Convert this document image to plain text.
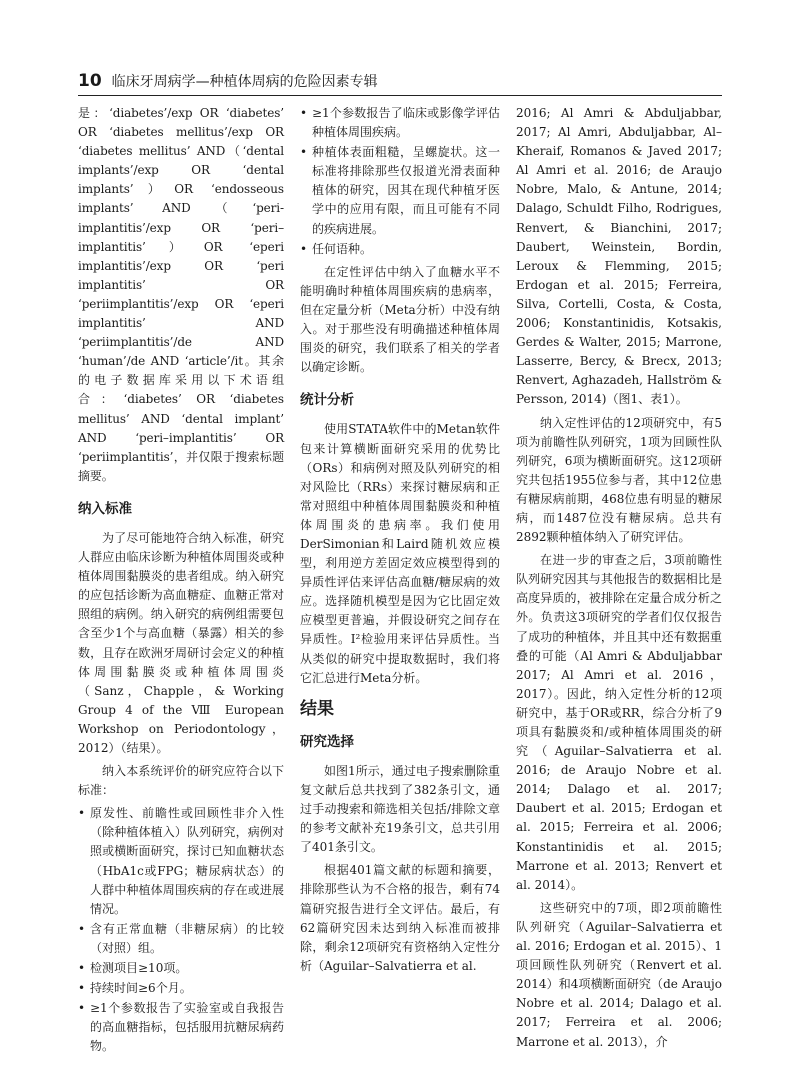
10 临床牙周病学—种植体周病的危险因素专辑

是：‘diabetes’/exp OR ‘diabetes’ OR ‘diabetes mellitus’/exp OR ‘diabetes mellitus’ AND（‘dental implants’/exp OR ‘dental implants’）OR ‘endosseous implants’ AND（‘peri-implantitis’/exp OR ‘peri–implantitis’）OR ‘eperi implantitis’/exp OR ‘peri implantitis’ OR ‘periimplantitis’/exp OR ‘eperi implantitis’ AND ‘periimplantitis’/de AND ‘human’/de AND ‘article’/it。其余的电子数据库采用以下术语组合：‘diabetes’ OR ‘diabetes mellitus’ AND ‘dental implant’ AND ‘peri–implantitis’ OR ‘periimplantitis’，并仅限于搜索标题摘要。

纳入标准

为了尽可能地符合纳入标准，研究人群应由临床诊断为种植体周围炎或种植体周围黏膜炎的患者组成。纳入研究的应包括诊断为高血糖症、血糖正常对照组的病例。纳入研究的病例组需要包含至少1个与高血糖（暴露）相关的参数，且存在欧洲牙周研讨会定义的种植体周围黏膜炎或种植体周围炎（Sanz，Chapple，& Working Group 4 of the Ⅷ European Workshop on Periodontology，2012）（结果）。

纳入本系统评价的研究应符合以下标准：

• 原发性、前瞻性或回顾性非介入性（除种植体植入）队列研究，病例对照或横断面研究，探讨已知血糖状态（HbA1c或FPG；糖尿病状态）的人群中种植体周围疾病的存在或进展情况。
• 含有正常血糖（非糖尿病）的比较（对照）组。
• 检测项目≥10项。
• 持续时间≥6个月。
• ≥1个参数报告了实验室或自我报告的高血糖指标，包括服用抗糖尿病药物。
• ≥1个参数报告了临床或影像学评估种植体周围疾病。
• 种植体表面粗糙，呈螺旋状。这一标准将排除那些仅报道光滑表面种植体的研究，因其在现代种植牙医学中的应用有限，而且可能有不同的疾病进展。
• 任何语种。

在定性评估中纳入了血糖水平不能明确时种植体周围疾病的患病率，但在定量分析（Meta分析）中没有纳入。对于那些没有明确描述种植体周围炎的研究，我们联系了相关的学者以确定诊断。

统计分析

使用STATA软件中的Metan软件包来计算横断面研究采用的优势比（ORs）和病例对照及队列研究的相对风险比（RRs）来探讨糖尿病和正常对照组中种植体周围黏膜炎和种植体周围炎的患病率。我们使用DerSimonian和Laird随机效应模型，利用逆方差固定效应模型得到的异质性评估来评估高血糖/糖尿病的效应。选择随机模型是因为它比固定效应模型更普遍，并假设研究之间存在异质性。I²检验用来评估异质性。当从类似的研究中提取数据时，我们将它汇总进行Meta分析。

结果
研究选择

如图1所示，通过电子搜索删除重复文献后总共找到了382条引文，通过手动搜索和筛选相关包括/排除文章的参考文献补充19条引文，总共引用了401条引文。

根据401篇文献的标题和摘要，排除那些认为不合格的报告，剩有74篇研究报告进行全文评估。最后，有62篇研究因未达到纳入标准而被排除，剩余12项研究有资格纳入定性分析（Aguilar–Salvatierra et al.

2016; Al Amri & Abduljabbar, 2017; Al Amri, Abduljabbar, Al–Kheraif, Romanos & Javed 2017; Al Amri et al. 2016; de Araujo Nobre, Malo, & Antune, 2014; Dalago, Schuldt Filho, Rodrigues, Renvert, & Bianchini, 2017; Daubert, Weinstein, Bordin, Leroux & Flemming, 2015; Erdogan et al. 2015; Ferreira, Silva, Cortelli, Costa, & Costa, 2006; Konstantinidis, Kotsakis, Gerdes & Walter, 2015; Marrone, Lasserre, Bercy, & Brecx, 2013; Renvert, Aghazadeh, Hallström & Persson, 2014)（图1、表1）。

纳入定性评估的12项研究中，有5项为前瞻性队列研究，1项为回顾性队列研究，6项为横断面研究。这12项研究共包括1955位参与者，其中12位患有糖尿病前期，468位患有明显的糖尿病，而1487位没有糖尿病。总共有2892颗种植体纳入了研究评估。

在进一步的审查之后，3项前瞻性队列研究因其与其他报告的数据相比是高度异质的，被排除在定量合成分析之外。负责这3项研究的学者们仅仅报告了成功的种植体，并且其中还有数据重叠的可能（Al Amri & Abduljabbar 2017; Al Amri et al. 2016，2017）。因此，纳入定性分析的12项研究中，基于OR或RR，综合分析了9项具有黏膜炎和/或种植体周围炎的研究（Aguilar–Salvatierra et al. 2016; de Araujo Nobre et al. 2014; Dalago et al. 2017; Daubert et al. 2015; Erdogan et al. 2015; Ferreira et al. 2006; Konstantinidis et al. 2015; Marrone et al. 2013; Renvert et al. 2014）。

这些研究中的7项，即2项前瞻性队列研究（Aguilar–Salvatierra et al. 2016; Erdogan et al. 2015）、1项回顾性队列研究（Renvert et al. 2014）和4项横断面研究（de Araujo Nobre et al. 2014; Dalago et al. 2017; Ferreira et al. 2006; Marrone et al. 2013），介
